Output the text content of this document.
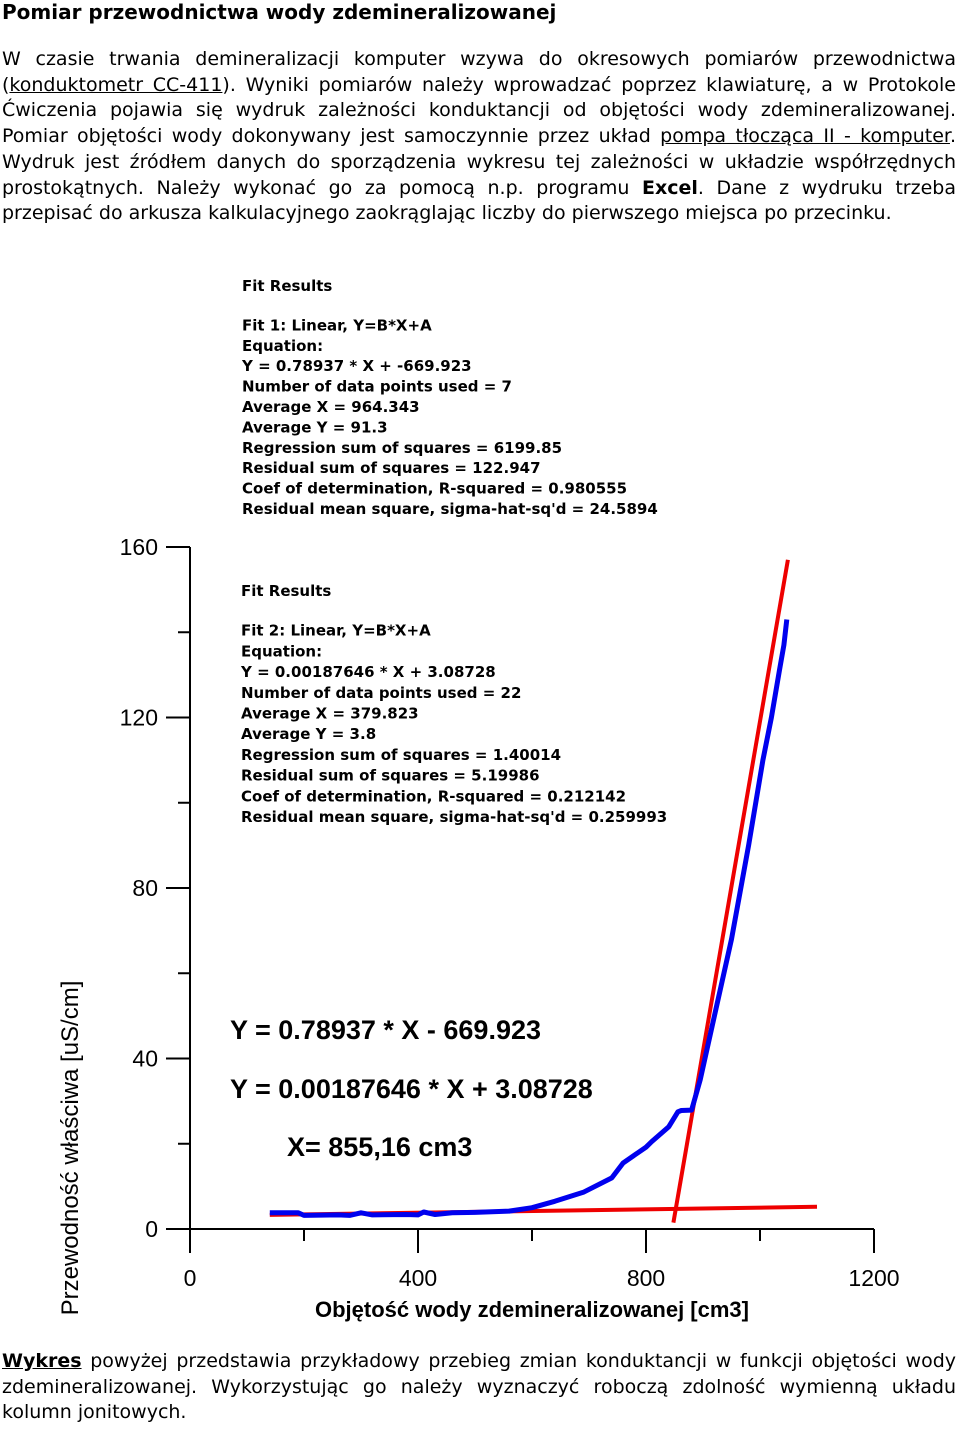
Pomiar przewodnictwa wody zdemineralizowanej

W czasie trwania demineralizacji komputer wzywa do okresowych pomiarów przewodnictwa (konduktometr CC-411). Wyniki pomiarów należy wprowadzać poprzez klawiaturę, a w Protokole Ćwiczenia pojawia się wydruk zależności konduktancji od objętości wody zdemineralizowanej. Pomiar objętości wody dokonywany jest samoczynnie przez układ pompa tłocząca II - komputer. Wydruk jest źródłem danych do sporządzenia wykresu tej zależności w układzie współrzędnych prostokątnych. Należy wykonać go za pomocą n.p. programu Excel. Dane z wydruku trzeba przepisać do arkusza kalkulacyjnego zaokrąglając liczby do pierwszego miejsca po przecinku.

Fit Results
Fit 1: Linear, Y=B*X+A
Equation:
Y = 0.78937 * X + -669.923
Number of data points used = 7
Average X = 964.343
Average Y = 91.3
Regression sum of squares = 6199.85
Residual sum of squares = 122.947
Coef of determination, R-squared = 0.980555
Residual mean square, sigma-hat-sq'd = 24.5894
Fit Results
Fit 2: Linear, Y=B*X+A
Equation:
Y = 0.00187646 * X + 3.08728
Number of data points used = 22
Average X = 379.823
Average Y = 3.8
Regression sum of squares = 1.40014
Residual sum of squares = 5.19986
Coef of determination, R-squared = 0.212142
Residual mean square, sigma-hat-sq'd = 0.259993
0
40
80
120
160
0	400	800	1200
Objętość wody zdemineralizowanej [cm3]
Przewodność właściwa [uS/cm]	Y = 0.78937 * X - 669.923
Y = 0.00187646 * X + 3.08728
X= 855,16 cm3

Wykres powyżej przedstawia przykładowy przebieg zmian konduktancji w funkcji objętości wody zdemineralizowanej. Wykorzystując go należy wyznaczyć roboczą zdolność wymienną układu kolumn jonitowych.
